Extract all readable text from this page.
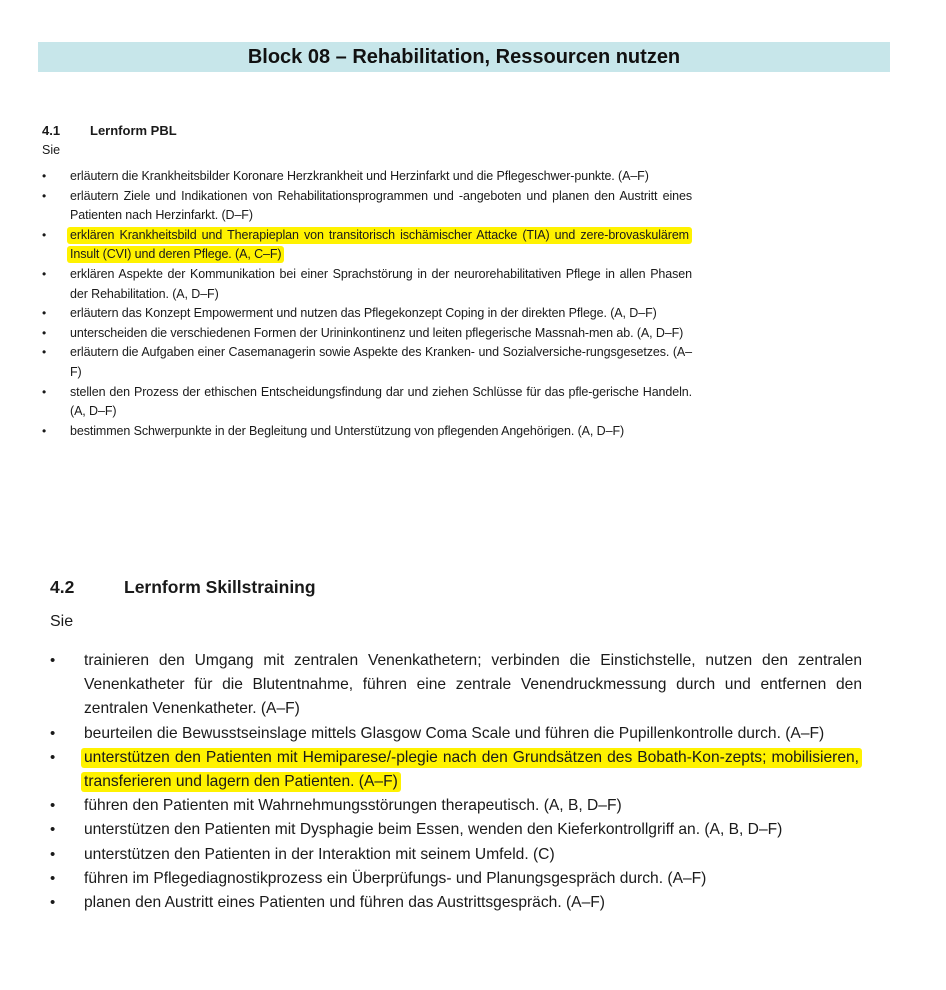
Block 08 – Rehabilitation, Ressourcen nutzen
4.1 Lernform PBL
Sie
• erläutern die Krankheitsbilder Koronare Herzkrankheit und Herzinfarkt und die Pflegeschwer-punkte. (A–F)
• erläutern Ziele und Indikationen von Rehabilitationsprogrammen und -angeboten und planen den Austritt eines Patienten nach Herzinfarkt. (D–F)
• erklären Krankheitsbild und Therapieplan von transitorisch ischämischer Attacke (TIA) und zere-brovaskulärem Insult (CVI) und deren Pflege. (A, C–F)
• erklären Aspekte der Kommunikation bei einer Sprachstörung in der neurorehabilitativen Pflege in allen Phasen der Rehabilitation. (A, D–F)
• erläutern das Konzept Empowerment und nutzen das Pflegekonzept Coping in der direkten Pflege. (A, D–F)
• unterscheiden die verschiedenen Formen der Urininkontinenz und leiten pflegerische Massnah-men ab. (A, D–F)
• erläutern die Aufgaben einer Casemanagerin sowie Aspekte des Kranken- und Sozialversiche-rungsgesetzes. (A–F)
• stellen den Prozess der ethischen Entscheidungsfindung dar und ziehen Schlüsse für das pfle-gerische Handeln. (A, D–F)
• bestimmen Schwerpunkte in der Begleitung und Unterstützung von pflegenden Angehörigen. (A, D–F)
4.2	Lernform Skillstraining
Sie
• trainieren den Umgang mit zentralen Venenkathetern; verbinden die Einstichstelle, nutzen den zentralen Venenkatheter für die Blutentnahme, führen eine zentrale Venendruckmessung durch und entfernen den zentralen Venenkatheter. (A–F)
• beurteilen die Bewusstseinslage mittels Glasgow Coma Scale und führen die Pupillenkontrolle durch. (A–F)
• unterstützen den Patienten mit Hemiparese/-plegie nach den Grundsätzen des Bobath-Kon-zepts; mobilisieren, transferieren und lagern den Patienten. (A–F)
• führen den Patienten mit Wahrnehmungsstörungen therapeutisch. (A, B, D–F)
• unterstützen den Patienten mit Dysphagie beim Essen, wenden den Kieferkontrollgriff an. (A, B, D–F)
• unterstützen den Patienten in der Interaktion mit seinem Umfeld. (C)
• führen im Pflegediagnostikprozess ein Überprüfungs- und Planungsgespräch durch. (A–F)
• planen den Austritt eines Patienten und führen das Austrittsgespräch. (A–F)
